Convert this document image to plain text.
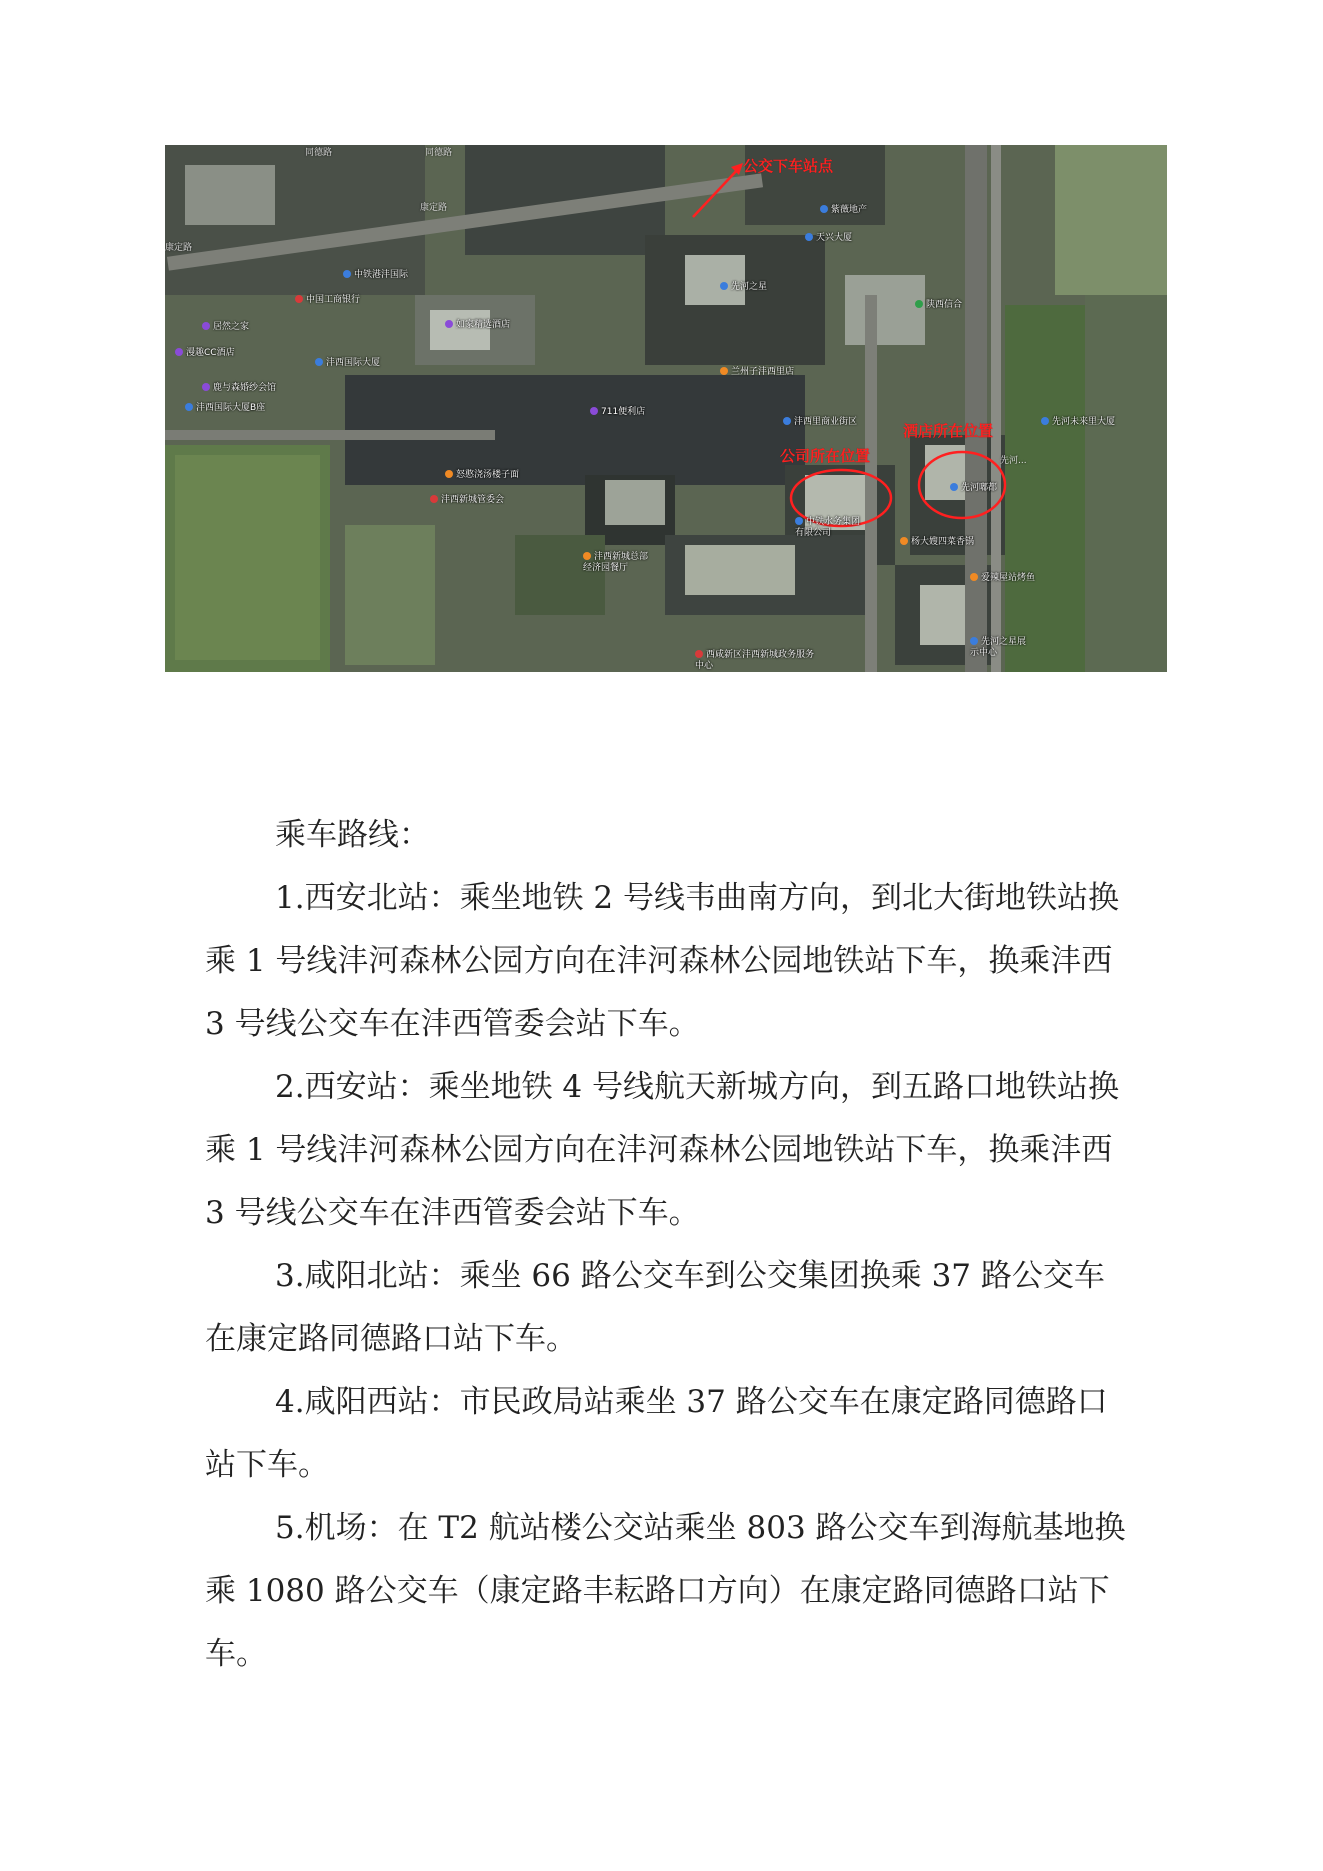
公交下车站点
公司所在位置
酒店所在位置
同德路	同德路
康定路
康定路
先河...
紫薇地产
天兴大厦
中铁港沣国际
先河之星
中国工商银行	陕西信合
居然之家	如家精选酒店
漫趣CC酒店
沣西国际大厦
兰州子沣西里店
鹿与森婚纱会馆
沣西国际大厦B座	711便利店
沣西里商业街区	先河未来里大厦
怒憨浇汤楼子面
先河嘟都
沣西新城管委会
中铁水务集团有限公司
杨大嫂四菜香锅
沣西新城总部经济园餐厅
爱辣屋站烤鱼
先河之星展示中心
西咸新区沣西新城政务服务中心

乘车路线：

1.西安北站：乘坐地铁 2 号线韦曲南方向，到北大街地铁站换乘 1 号线沣河森林公园方向在沣河森林公园地铁站下车，换乘沣西 3 号线公交车在沣西管委会站下车。

2.西安站：乘坐地铁 4 号线航天新城方向，到五路口地铁站换乘 1 号线沣河森林公园方向在沣河森林公园地铁站下车，换乘沣西 3 号线公交车在沣西管委会站下车。

3.咸阳北站：乘坐 66 路公交车到公交集团换乘 37 路公交车在康定路同德路口站下车。

4.咸阳西站：市民政局站乘坐 37 路公交车在康定路同德路口站下车。

5.机场：在 T2 航站楼公交站乘坐 803 路公交车到海航基地换乘 1080 路公交车（康定路丰耘路口方向）在康定路同德路口站下车。
